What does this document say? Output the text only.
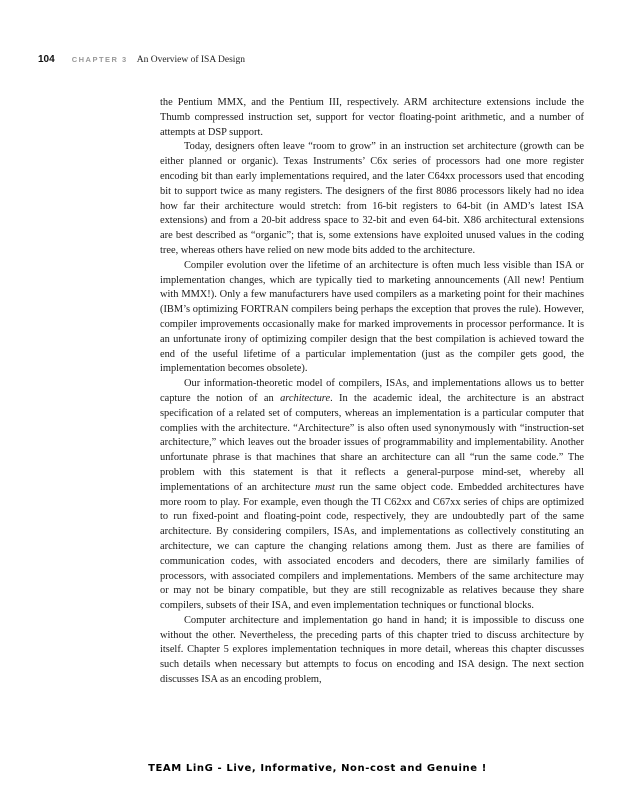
104 CHAPTER 3 An Overview of ISA Design

the Pentium MMX, and the Pentium III, respectively. ARM architecture extensions include the Thumb compressed instruction set, support for vector floating-point arithmetic, and a number of attempts at DSP support.

Today, designers often leave “room to grow” in an instruction set architecture (growth can be either planned or organic). Texas Instruments’ C6x series of processors had one more register encoding bit than early implementations required, and the later C64xx processors used that encoding bit to support twice as many registers. The designers of the first 8086 processors likely had no idea how far their architecture would stretch: from 16-bit registers to 64-bit (in AMD’s latest ISA extensions) and from a 20-bit address space to 32-bit and even 64-bit. X86 architectural extensions are best described as “organic”; that is, some extensions have exploited unused values in the coding tree, whereas others have relied on new mode bits added to the architecture.

Compiler evolution over the lifetime of an architecture is often much less visible than ISA or implementation changes, which are typically tied to marketing announcements (All new! Pentium with MMX!). Only a few manufacturers have used compilers as a marketing point for their machines (IBM’s optimizing FORTRAN compilers being perhaps the exception that proves the rule). However, compiler improvements occasionally make for marked improvements in processor performance. It is an unfortunate irony of optimizing compiler design that the best compilation is achieved toward the end of the useful lifetime of a particular implementation (just as the compiler gets good, the implementation becomes obsolete).

Our information-theoretic model of compilers, ISAs, and implementations allows us to better capture the notion of an architecture. In the academic ideal, the architecture is an abstract specification of a related set of computers, whereas an implementation is a particular computer that complies with the architecture. “Architecture” is also often used synonymously with “instruction-set architecture,” which leaves out the broader issues of programmability and implementability. Another unfortunate phrase is that machines that share an architecture can all “run the same code.” The problem with this statement is that it reflects a general-purpose mind-set, whereby all implementations of an architecture must run the same object code. Embedded architectures have more room to play. For example, even though the TI C62xx and C67xx series of chips are optimized to run fixed-point and floating-point code, respectively, they are undoubtedly part of the same architecture. By considering compilers, ISAs, and implementations as collectively constituting an architecture, we can capture the changing relations among them. Just as there are families of communication codes, with associated encoders and decoders, there are similarly families of processors, with associated compilers and implementations. Members of the same architecture may or may not be binary compatible, but they are still recognizable as relatives because they share compilers, subsets of their ISA, and even implementation techniques or functional blocks.

Computer architecture and implementation go hand in hand; it is impossible to discuss one without the other. Nevertheless, the preceding parts of this chapter tried to discuss architecture by itself. Chapter 5 explores implementation techniques in more detail, whereas this chapter discusses such details when necessary but attempts to focus on encoding and ISA design. The next section discusses ISA as an encoding problem,

TEAM LinG - Live, Informative, Non-cost and Genuine !
